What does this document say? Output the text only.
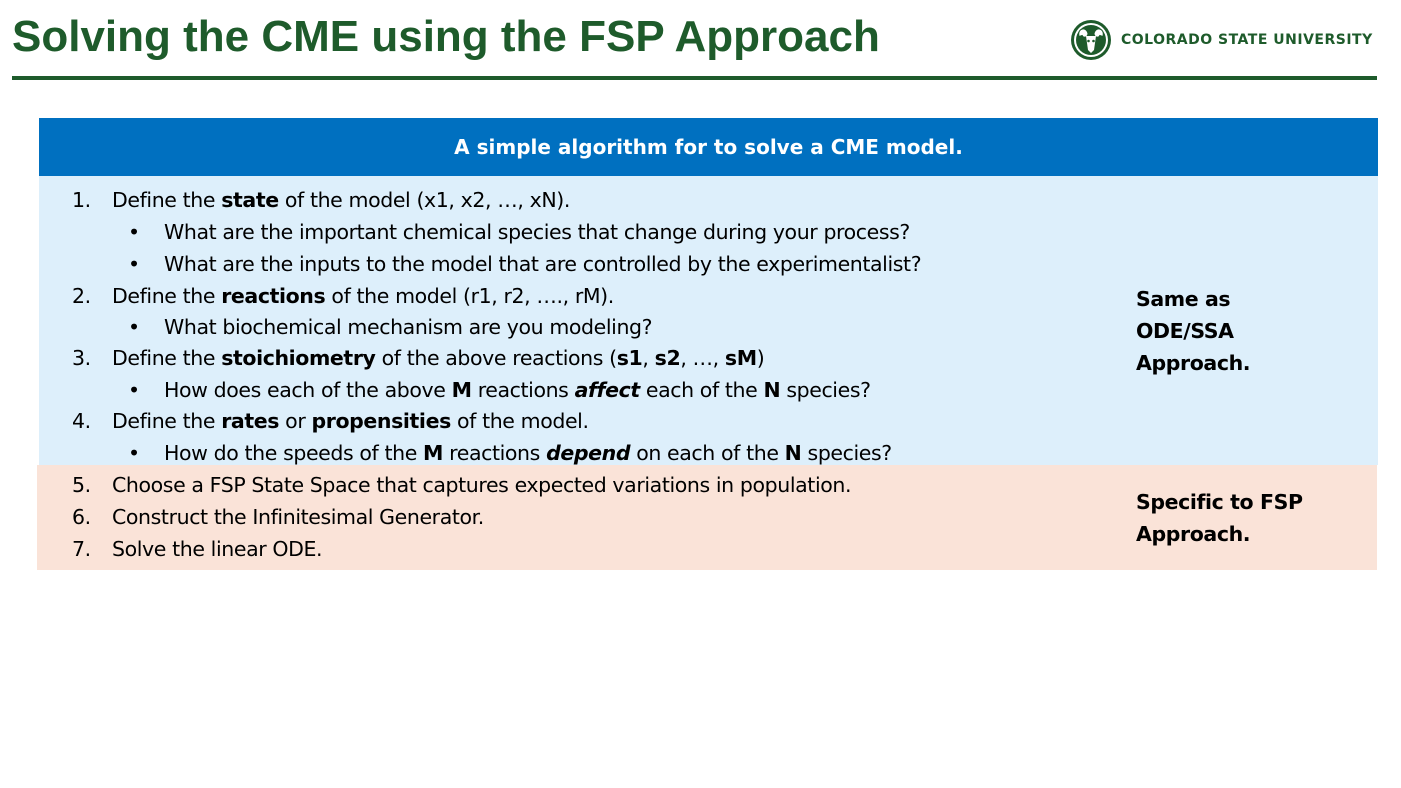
Solving the CME using the FSP Approach	COLORADO STATE UNIVERSITY
A simple algorithm for to solve a CME model.
1.	Define the state of the model (x1, x2, …, xN).
• What are the important chemical species that change during your process?
• What are the inputs to the model that are controlled by the experimentalist?
2.	Define the reactions of the model (r1, r2, …., rM).
• What biochemical mechanism are you modeling?
3.	Define the stoichiometry of the above reactions (s1, s2, …, sM)
• How does each of the above M reactions affect each of the N species?
4.	Define the rates or propensities of the model.
• How do the speeds of the M reactions depend on each of the N species?
5.	Choose a FSP State Space that captures expected variations in population.
6.	Construct the Infinitesimal Generator.
7.	Solve the linear ODE.
Same as
ODE/SSA
Approach.
Specific to FSP
Approach.
